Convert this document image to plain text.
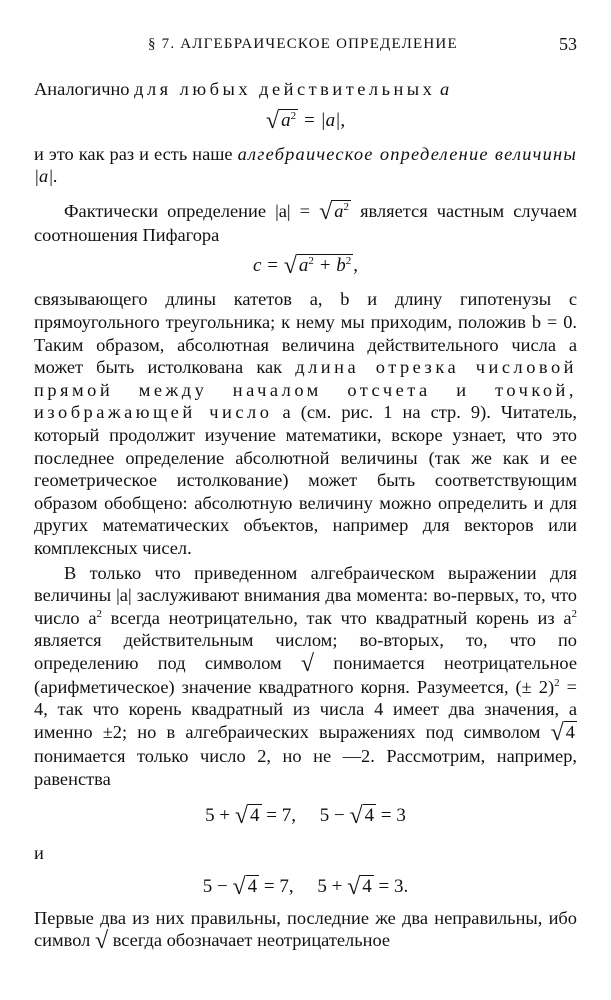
§ 7. АЛГЕБРАИЧЕСКОЕ ОПРЕДЕЛЕНИЕ	53

Аналогично для любых действительных a

√ $a^2 = |a|$,

и это как раз и есть наше алгебраическое определение величины |a|.

Фактически определение |a| = √ $a^2$ является частным случаем соотношения Пифагора

c = √ $a^2 + b^2$ ,

связывающего длины катетов a, b и длину гипотенузы c прямоугольного треугольника; к нему мы приходим, положив b = 0. Таким образом, абсолютная величина действительного числа a может быть истолкована как длина отрезка числовой прямой между началом отсчета и точкой, изображающей число a (см. рис. 1 на стр. 9). Читатель, который продолжит изучение математики, вскоре узнает, что это последнее определение абсолютной величины (так же как и ее геометрическое истолкование) может быть соответствующим образом обобщено: абсолютную величину можно определить и для других математических объектов, например для векторов или комплексных чисел.

В только что приведенном алгебраическом выражении для величины |a| заслуживают внимания два момента: во-первых, то, что число $a^2$ всегда неотрицательно, так что квадратный корень из $a^2$ является действительным числом; во-вторых, то, что по определению под символом √ понимается неотрицательное (арифметическое) значение квадратного корня. Разумеется, (± 2)$^2$ = 4, так что корень квадратный из числа 4 имеет два значения, а именно ±2; но в алгебраических выражениях под символом √ 4 понимается только число 2, но не —2. Рассмотрим, например, равенства

5 + √ 4 = 7,     5 − √ 4 = 3

и

5 − √ 4 = 7,     5 + √ 4 = 3.

Первые два из них правильны, последние же два неправильны, ибо символ √ всегда обозначает неотрицательное
